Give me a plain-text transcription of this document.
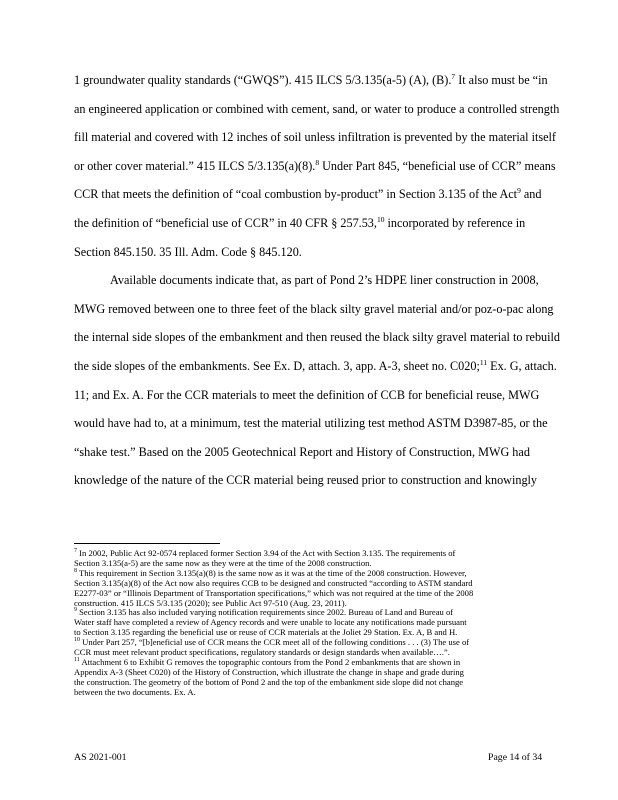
1 groundwater quality standards (“GWQS”). 415 ILCS 5/3.135(a-5) (A), (B).$^7$ It also must be “in
an engineered application or combined with cement, sand, or water to produce a controlled strength
fill material and covered with 12 inches of soil unless infiltration is prevented by the material itself
or other cover material.” 415 ILCS 5/3.135(a)(8).$^8$ Under Part 845, “beneficial use of CCR” means
CCR that meets the definition of “coal combustion by-product” in Section 3.135 of the Act$^9$ and
the definition of “beneficial use of CCR” in 40 CFR § 257.53,10 incorporated by reference in
Section 845.150. 35 Ill. Adm. Code § 845.120.
Available documents indicate that, as part of Pond 2’s HDPE liner construction in 2008,
MWG removed between one to three feet of the black silty gravel material and/or poz-o-pac along
the internal side slopes of the embankment and then reused the black silty gravel material to rebuild
the side slopes of the embankments. See Ex. D, attach. 3, app. A-3, sheet no. C020;$^{11}$ Ex. G, attach.
11; and Ex. A. For the CCR materials to meet the definition of CCB for beneficial reuse, MWG
would have had to, at a minimum, test the material utilizing test method ASTM D3987-85, or the
“shake test.” Based on the 2005 Geotechnical Report and History of Construction, MWG had
knowledge of the nature of the CCR material being reused prior to construction and knowingly
$^7$ In 2002, Public Act 92-0574 replaced former Section 3.94 of the Act with Section 3.135. The requirements of
Section 3.135(a-5) are the same now as they were at the time of the 2008 construction.
$^8$ This requirement in Section 3.135(a)(8) is the same now as it was at the time of the 2008 construction. However,
Section 3.135(a)(8) of the Act now also requires CCB to be designed and constructed “according to ASTM standard
E2277-03” or “Illinois Department of Transportation specifications,” which was not required at the time of the 2008
construction. 415 ILCS 5/3.135 (2020); see Public Act 97-510 (Aug. 23, 2011).
$^9$ Section 3.135 has also included varying notification requirements since 2002. Bureau of Land and Bureau of
Water staff have completed a review of Agency records and were unable to locate any notifications made pursuant
to Section 3.135 regarding the beneficial use or reuse of CCR materials at the Joliet 29 Station. Ex. A, B and H.
$^{10}$ Under Part 257, “[b]eneficial use of CCR means the CCR meet all of the following conditions . . . (3) The use of
CCR must meet relevant product specifications, regulatory standards or design standards when available….”.
$^{11}$ Attachment 6 to Exhibit G removes the topographic contours from the Pond 2 embankments that are shown in
Appendix A-3 (Sheet C020) of the History of Construction, which illustrate the change in shape and grade during
the construction. The geometry of the bottom of Pond 2 and the top of the embankment side slope did not change
between the two documents. Ex. A.
AS 2021-001	Page 14 of 34
